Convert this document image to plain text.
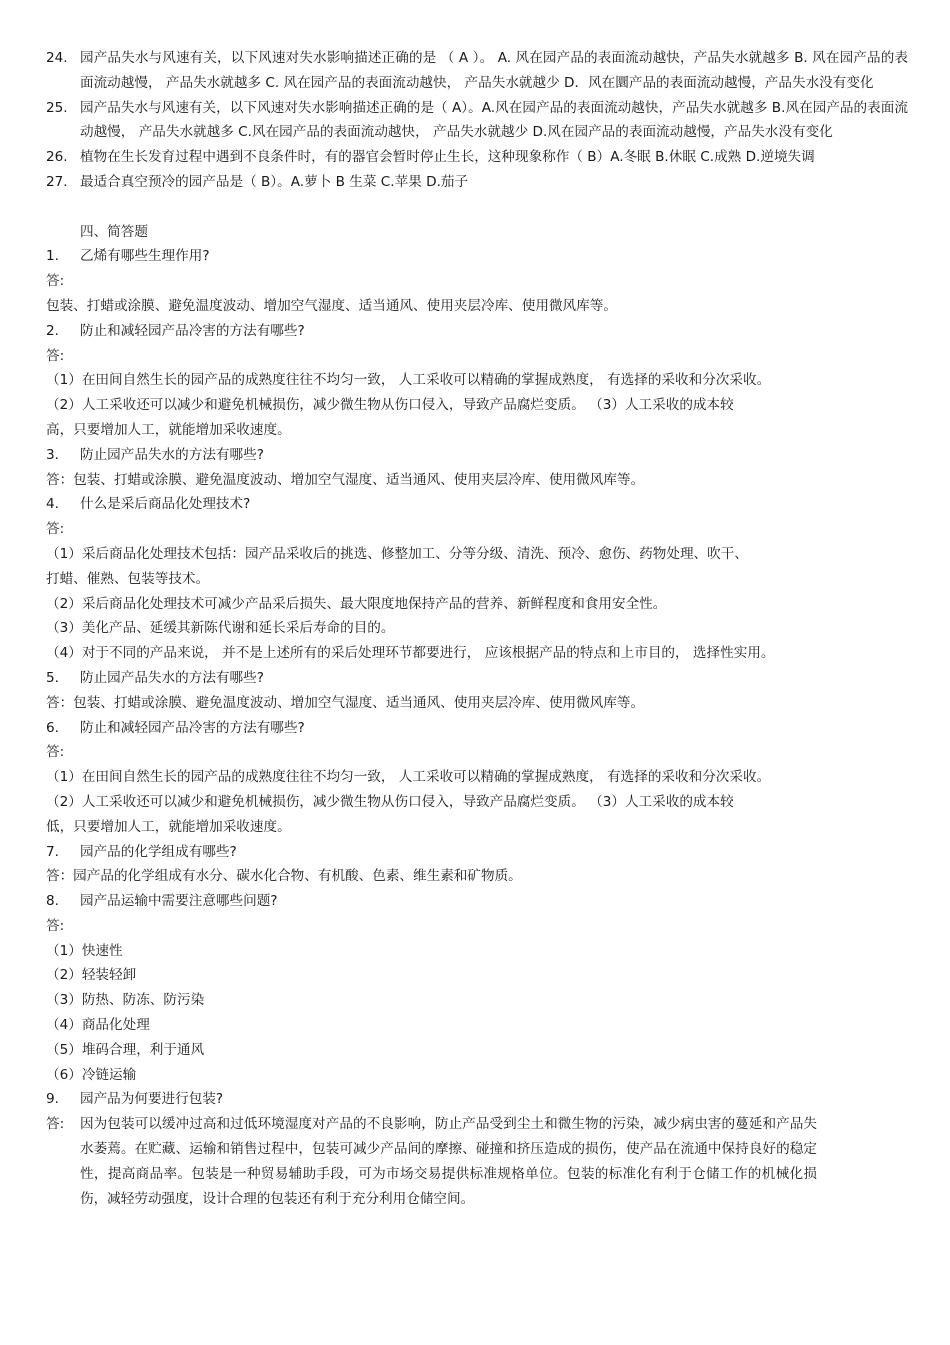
24. 园产品失水与风速有关，以下风速对失水影响描述正确的是 （ A ）。 A. 风在园产品的表面流动越快，产品失水就越多 B. 风在园产品的表面流动越慢， 产品失水就越多 C. 风在园产品的表面流动越快， 产品失水就越少 D．风在圜产品的表面流动越慢，产品失水没有变化
25. 园产品失水与风速有关，以下风速对失水影响描述正确的是（ A）。A.风在园产品的表面流动越快，产品失水就越多 B.风在园产品的表面流动越慢， 产品失水就越多 C.风在园产品的表面流动越快， 产品失水就越少 D.风在园产品的表面流动越慢，产品失水没有变化
26. 植物在生长发育过程中遇到不良条件时，有的器官会暂时停止生长，这种现象称作（ B）A.冬眠 B.休眠 C.成熟 D.逆境失调
27. 最适合真空预冷的园产品是（ B）。A.萝卜 B 生菜 C.苹果 D.茄子
四、简答题
1. 乙烯有哪些生理作用?
答:
包装、打蜡或涂膜、避免温度波动、增加空气湿度、适当通风、使用夹层冷库、使用微风库等。
2. 防止和减轻园产品冷害的方法有哪些?
答:
（1）在田间自然生长的园产品的成熟度往往不均匀一致， 人工采收可以精确的掌握成熟度， 有选择的采收和分次采收。
（2）人工采收还可以减少和避免机械损伤，减少微生物从伤口侵入，导致产品腐烂变质。 （3）人工采收的成本较
高，只要增加人工，就能增加采收速度。
3. 防止园产品失水的方法有哪些?
答：包装、打蜡或涂膜、避免温度波动、增加空气湿度、适当通风、使用夹层冷库、使用微风库等。
4. 什么是采后商品化处理技术?
答:
（1）采后商品化处理技术包括：园产品采收后的挑选、修整加工、分等分级、清洗、预冷、愈伤、药物处理、吹干、
打蜡、催熟、包装等技术。
（2）采后商品化处理技术可减少产品采后损失、最大限度地保持产品的营养、新鲜程度和食用安全性。
（3）美化产品、延缓其新陈代谢和延长采后寿命的目的。
（4）对于不同的产品来说， 并不是上述所有的采后处理环节都要进行， 应该根据产品的特点和上市目的， 选择性实用。
5. 防止园产品失水的方法有哪些?
答：包装、打蜡或涂膜、避免温度波动、增加空气湿度、适当通风、使用夹层冷库、使用微风库等。
6. 防止和减轻园产品冷害的方法有哪些?
答:
（1）在田间自然生长的园产品的成熟度往往不均匀一致， 人工采收可以精确的掌握成熟度， 有选择的采收和分次采收。
（2）人工采收还可以减少和避免机械损伤，减少微生物从伤口侵入，导致产品腐烂变质。 （3）人工采收的成本较
低，只要增加人工，就能增加采收速度。
7. 园产品的化学组成有哪些?
答：园产品的化学组成有水分、碳水化合物、有机酸、色素、维生素和矿物质。
8. 园产品运输中需要注意哪些问题?
答:
（1）快速性
（2）轻装轻卸
（3）防热、防冻、防污染
（4）商品化处理
（5）堆码合理，利于通风
（6）冷链运输
9. 园产品为何要进行包装?
答: 因为包装可以缓冲过高和过低环境湿度对产品的不良影响，防止产品受到尘土和微生物的污染，减少病虫害的蔓延和产品失水萎蔫。在贮藏、运输和销售过程中，包装可减少产品间的摩擦、碰撞和挤压造成的损伤，使产品在流通中保持良好的稳定性，提高商品率。包装是一种贸易辅助手段，可为市场交易提供标准规格单位。包装的标准化有利于仓储工作的机械化损伤，减轻劳动强度，设计合理的包装还有利于充分利用仓储空间。
